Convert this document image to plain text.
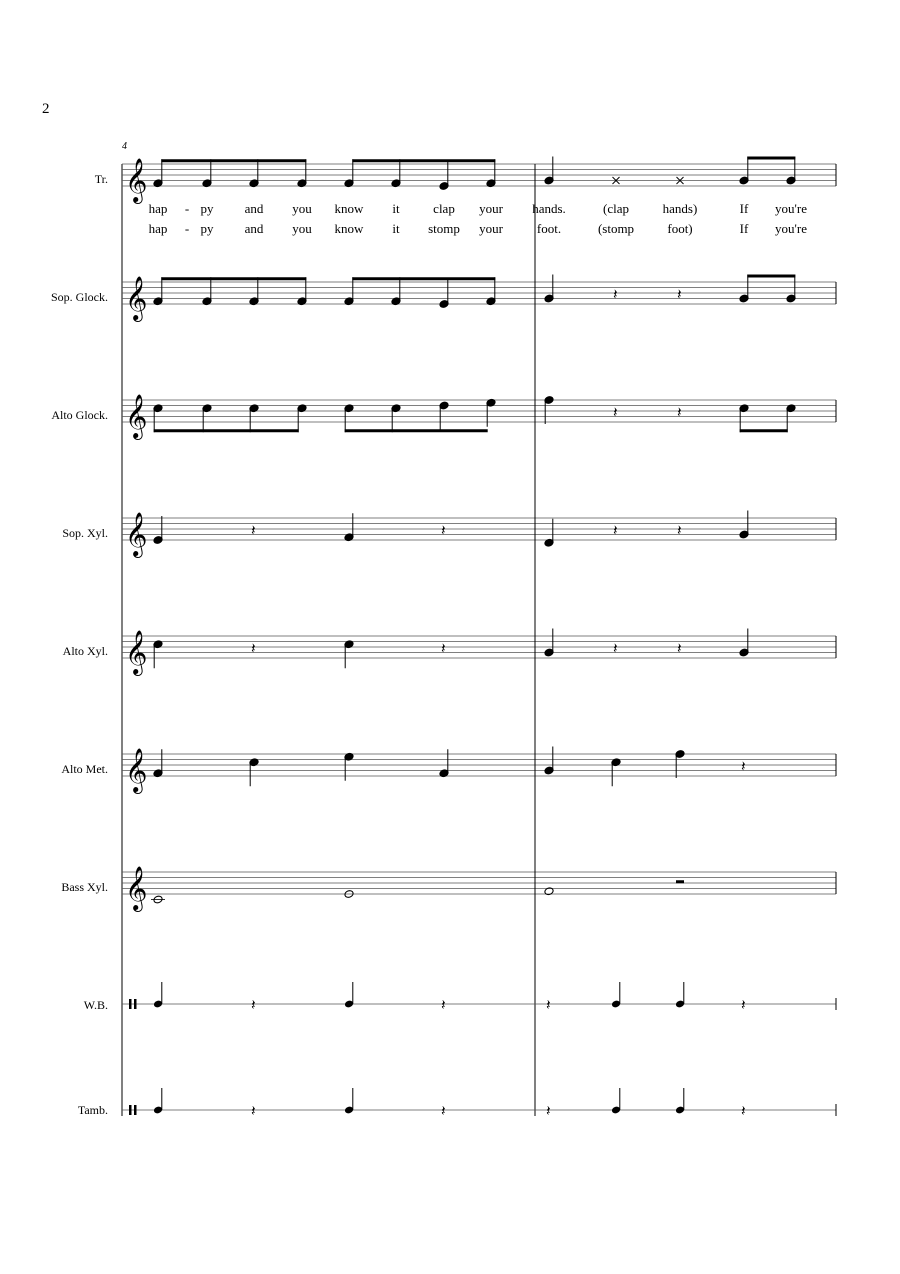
2
4
Tr.
Sop. Glock.
Alto Glock.
Sop. Xyl.
Alto Xyl.
Alto Met.
Bass Xyl.
W.B.
Tamb.
hap - py and you know it	clap your hands.	(clap	hands)	If you're
hap - py and you know it stomp your	foot.	(stomp	foot)	If you're
𝄞
𝄞
𝄞
𝄞
𝄞
𝄞
𝄞
𝄽	𝄽
𝄽	𝄽
𝄽	𝄽	𝄽	𝄽
𝄽	𝄽	𝄽	𝄽
𝄽
𝄽	𝄽	𝄽	𝄽
𝄽	𝄽	𝄽	𝄽
